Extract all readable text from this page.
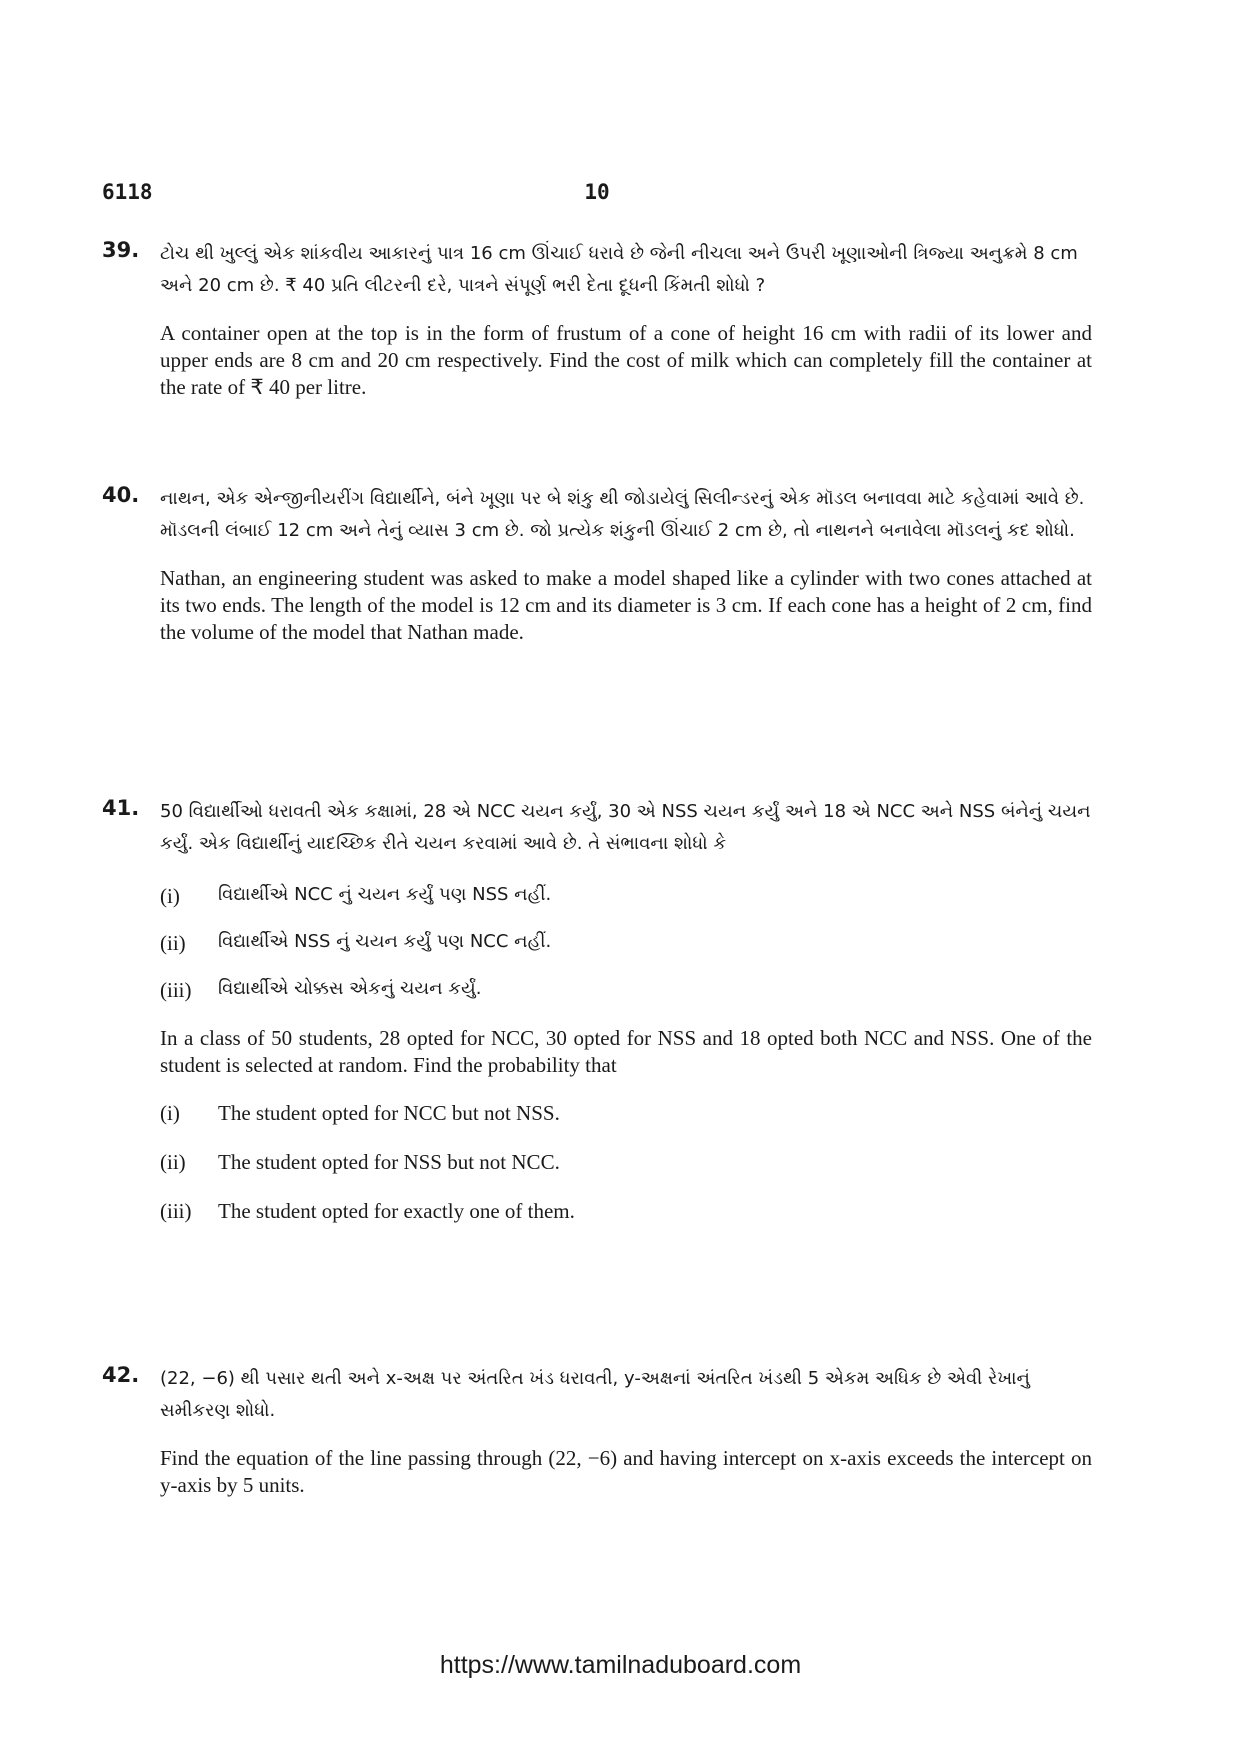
6118	10
39. ટોચ થી ખુલ્લું એક શાંકવીય આકારનું પાત્ર 16 cm ઊંચાઈ ધરાવે છે જેની નીચલા અને ઉપરી ખૂણાઓની ત્રિજ્યા અનુક્રમે 8 cm અને 20 cm છે. ₹ 40 પ્રતિ લીટરની દરે, પાત્રને સંપૂર્ણ ભરી દેતા દૂધની કિંમતી શોધો ?

A container open at the top is in the form of frustum of a cone of height 16 cm with radii of its lower and upper ends are 8 cm and 20 cm respectively. Find the cost of milk which can completely fill the container at the rate of ₹ 40 per litre.

40. નાથન, એક એન્જીનીયરીંગ વિદ્યાર્થીને, બંને ખૂણા પર બે શંકુ થી જોડાયેલું સિલીન્ડરનું એક મૉડલ બનાવવા માટે કહેવામાં આવે છે. મૉડલની લંબાઈ 12 cm અને તેનું વ્યાસ 3 cm છે. જો પ્રત્યેક શંકુની ઊંચાઈ 2 cm છે, તો નાથનને બનાવેલા મૉડલનું કદ શોધો.

Nathan, an engineering student was asked to make a model shaped like a cylinder with two cones attached at its two ends. The length of the model is 12 cm and its diameter is 3 cm. If each cone has a height of 2 cm, find the volume of the model that Nathan made.

41. 50 વિદ્યાર્થીઓ ધરાવતી એક કક્ષામાં, 28 એ NCC ચયન કર્યું, 30 એ NSS ચયન કર્યું અને 18 એ NCC અને NSS બંનેનું ચયન કર્યું. એક વિદ્યાર્થીનું યાદચ્છિક રીતે ચયન કરવામાં આવે છે. તે સંભાવના શોધો કે

(i) વિદ્યાર્થીએ NCC નું ચયન કર્યું પણ NSS નહીં.
(ii) વિદ્યાર્થીએ NSS નું ચયન કર્યું પણ NCC નહીં.
(iii) વિદ્યાર્થીએ ચોક્કસ એકનું ચયન કર્યું.

In a class of 50 students, 28 opted for NCC, 30 opted for NSS and 18 opted both NCC and NSS. One of the student is selected at random. Find the probability that

(i) The student opted for NCC but not NSS.
(ii) The student opted for NSS but not NCC.
(iii) The student opted for exactly one of them.
42. (22, −6) થી પસાર થતી અને x-અક્ષ પર અંતરિત ખંડ ધરાવતી, y-અક્ષનાં અંતરિત ખંડથી 5 એકમ અધિક છે એવી રેખાનું સમીકરણ શોધો.

Find the equation of the line passing through (22, −6) and having intercept on x-axis exceeds the intercept on y-axis by 5 units.

https://www.tamilnaduboard.com
